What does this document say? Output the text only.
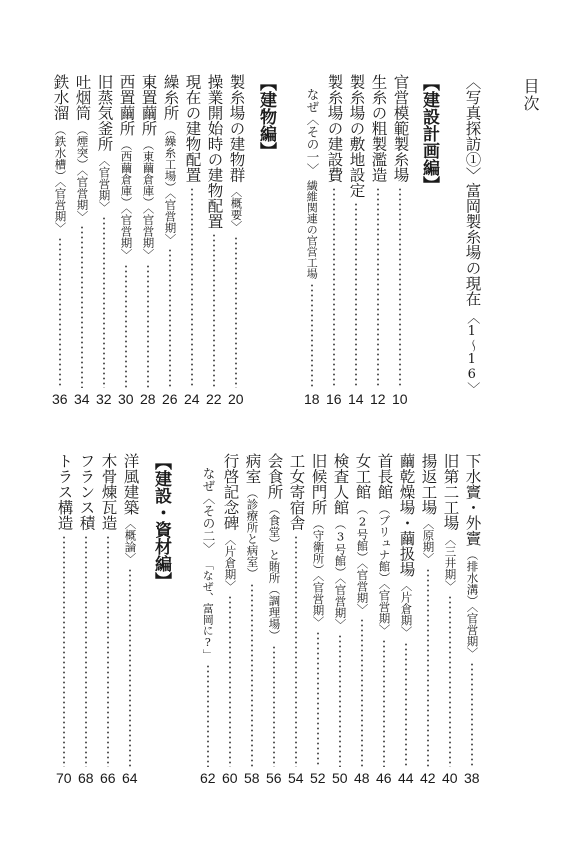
目次
〈写真探訪①〉富岡製糸場の現在
〈1〜16〉
【建設計画編】
官営模範製糸場
10
生糸の粗製濫造
12
製糸場の敷地設定
14
製糸場の建設費
16
なぜ〈その一〉
繊維関連の官営工場
18
【建物編】
製糸場の建物群
〈概要〉
20
操業開始時の建物配置
22
現在の建物配置
24
繰糸所
（繰糸工場）〈官営期〉
26
東置繭所
（東繭倉庫）〈官営期〉
28
西置繭所
（西繭倉庫）〈官営期〉
30
旧蒸気釜所
〈官営期〉
32
吐烟筒
（煙突）〈官営期〉
34
鉄水溜
（鉄水槽）〈官営期〉
36
下水竇・外竇
（排水溝）〈官営期〉
38
旧第二工場
〈三井期〉
40
揚返工場
〈原期〉
42
繭乾燥場・繭扱場
〈片倉期〉
44
首長館
（ブリュナ館）〈官営期〉
46
女工館
（2号館）〈官営期〉
48
検査人館
（3号館）〈官営期〉
50
旧候門所
（守衛所）〈官営期〉
52
工女寄宿舎
54
会食所
（食堂）と賄所（調理場）
56
病室
（診療所と病室）
58
行啓記念碑
〈片倉期〉
60
なぜ〈その二〉
「なぜ、富岡に?」
62
【建設・資材編】
洋風建築
〈概論〉
64
木骨煉瓦造
66
フランス積
68
トラス構造
70
